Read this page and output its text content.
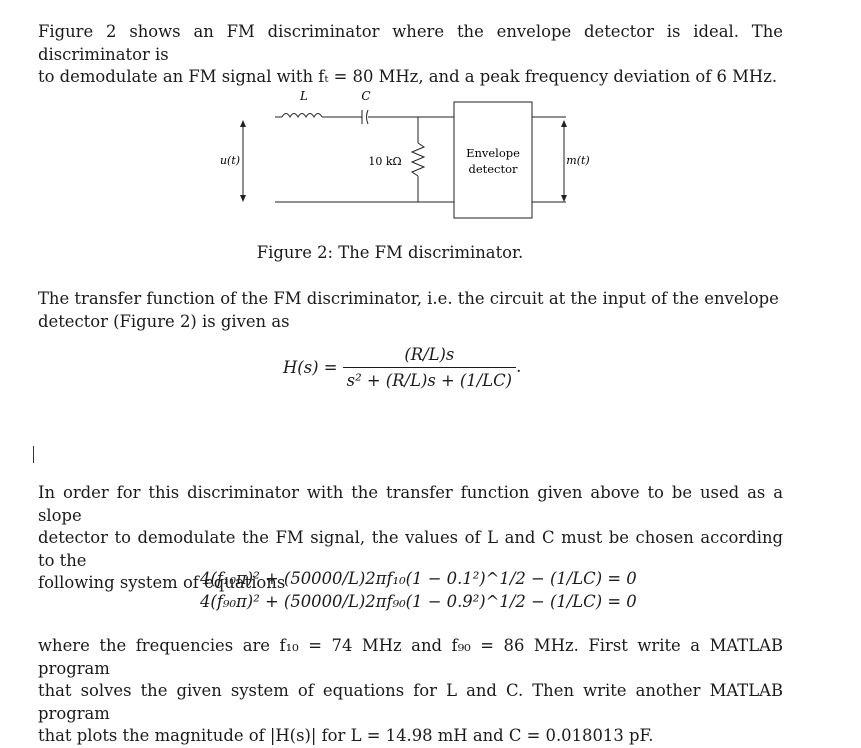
Figure 2 shows an FM discriminator where the envelope detector is ideal. The discriminator is
to demodulate an FM signal with fₜ = 80 MHz, and a peak frequency deviation of 6 MHz.
u(t)
L	C
10 kΩ
Envelope
detector
m(t)
Figure 2: The FM discriminator.
The transfer function of the FM discriminator, i.e. the circuit at the input of the envelope
detector (Figure 2) is given as
$H(s) = \frac{(R/L)s}{\text{s² + (R/L)s + (1/LC)}}$ .
In order for this discriminator with the transfer function given above to be used as a slope
detector to demodulate the FM signal, the values of L and C must be chosen according to the
following system of equations
4(f₁₀π)² + (50000/L)2πf₁₀(1 − 0.1²)^1/2 − (1/LC) = 0
4(f₉₀π)² + (50000/L)2πf₉₀(1 − 0.9²)^1/2 − (1/LC) = 0
where the frequencies are f₁₀ = 74 MHz and f₉₀ = 86 MHz. First write a MATLAB program
that solves the given system of equations for L and C. Then write another MATLAB program
that plots the magnitude of |H(s)| for L = 14.98 mH and C = 0.018013 pF.
